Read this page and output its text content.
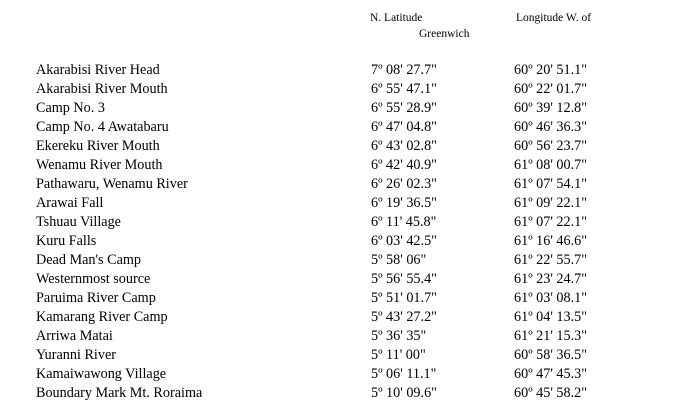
N. Latitude	Longitude W. of
Greenwich
Akarabisi River Head	7º 08' 27.7"	60º 20' 51.1"
Akarabisi River Mouth	6º 55' 47.1"	60º 22' 01.7"
Camp No. 3	6º 55' 28.9"	60º 39' 12.8"
Camp No. 4 Awatabaru	6º 47' 04.8"	60º 46' 36.3"
Ekereku River Mouth	6º 43' 02.8"	60º 56' 23.7"
Wenamu River Mouth	6º 42' 40.9"	61º 08' 00.7"
Pathawaru, Wenamu River	6º 26' 02.3"	61º 07' 54.1"
Arawai Fall	6º 19' 36.5"	61º 09' 22.1"
Tshuau Village	6º 11' 45.8"	61º 07' 22.1"
Kuru Falls	6º 03' 42.5"	61º 16' 46.6"
Dead Man's Camp	5º 58' 06"	61º 22' 55.7"
Westernmost source	5º 56' 55.4"	61º 23' 24.7"
Paruima River Camp	5º 51' 01.7"	61º 03' 08.1"
Kamarang River Camp	5º 43' 27.2"	61º 04' 13.5"
Arriwa Matai	5º 36' 35"	61º 21' 15.3"
Yuranni River	5º 11' 00"	60º 58' 36.5"
Kamaiwawong Village	5º 06' 11.1"	60º 47' 45.3"
Boundary Mark Mt. Roraima	5º 10' 09.6"	60º 45' 58.2"
